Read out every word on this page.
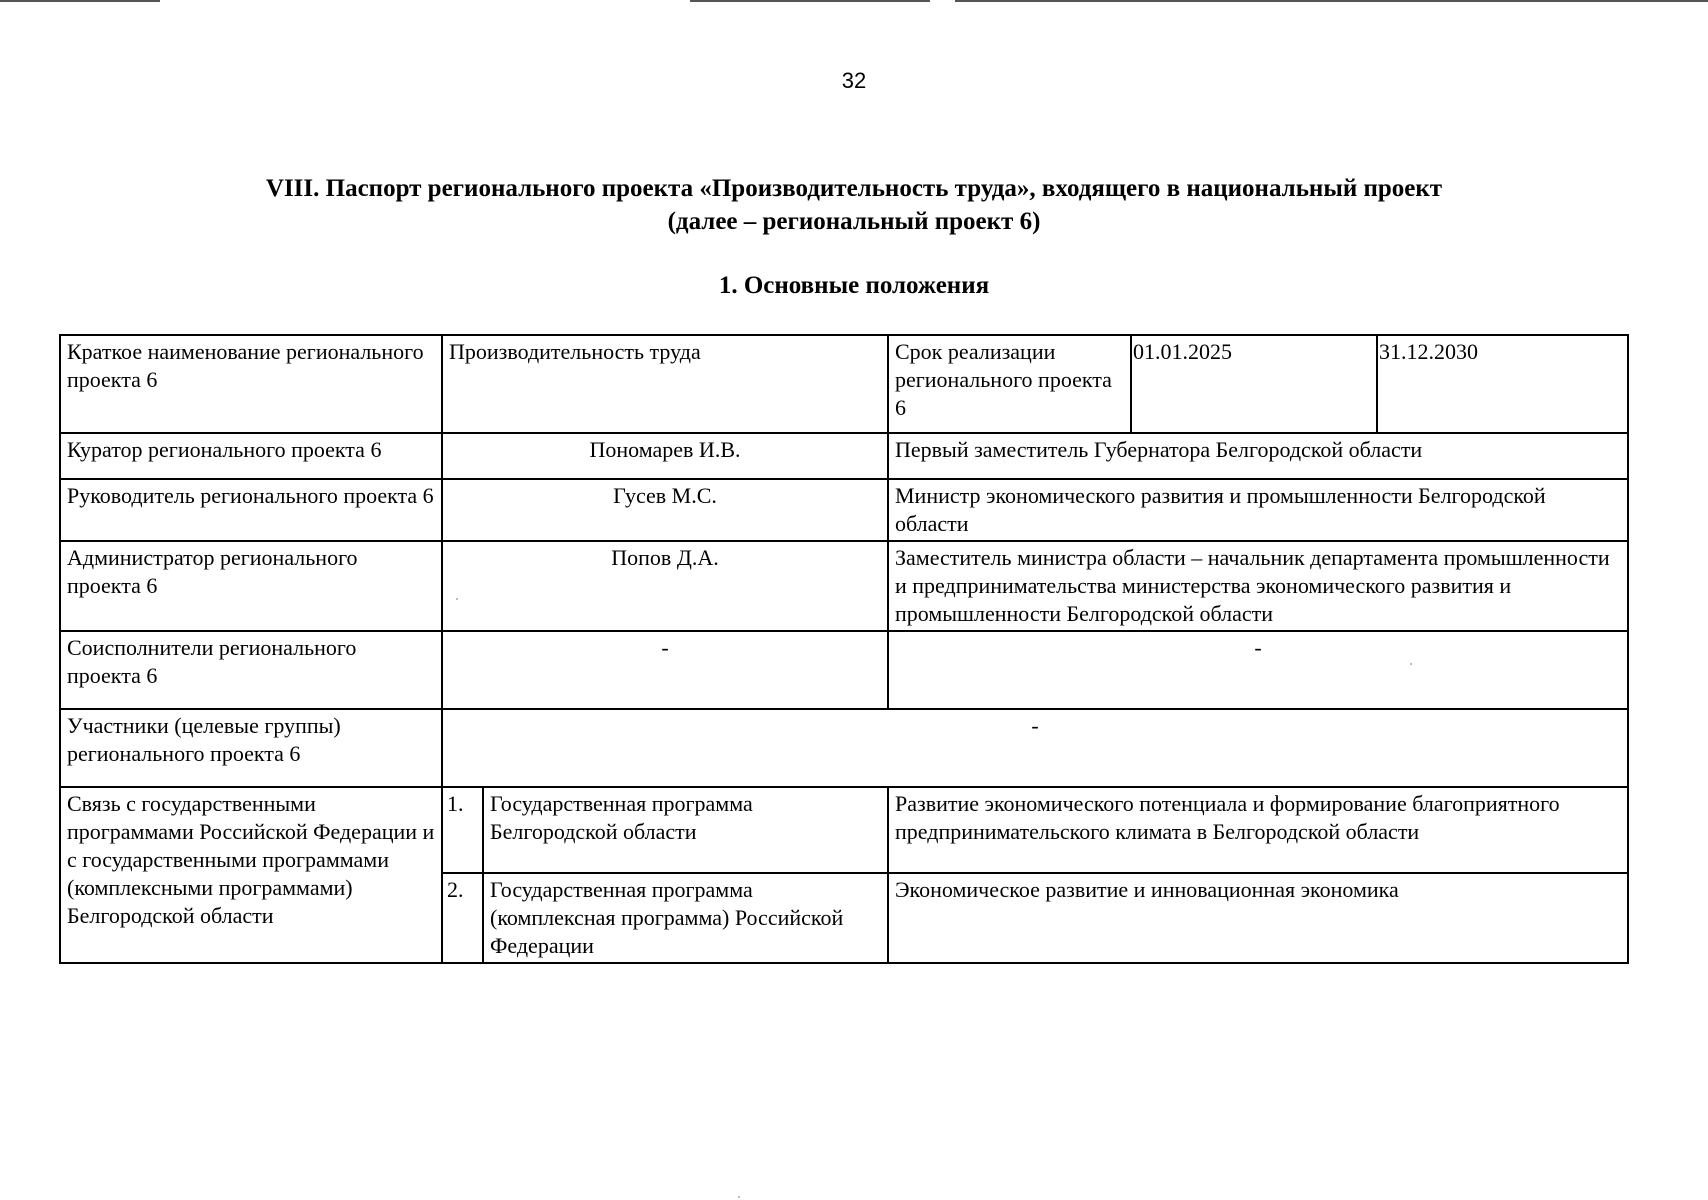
32
VIII. Паспорт регионального проекта «Производительность труда», входящего в национальный проект
(далее – региональный проект 6)
1. Основные положения
Краткое наименование регионального проекта 6	Производительность труда		Срок реализации регионального проекта 6	01.01.2025	31.12.2030
Куратор регионального проекта 6	Пономарев И.В.		Первый заместитель Губернатора Белгородской области		
Руководитель регионального проекта 6	Гусев М.С.		Министр экономического развития и промышленности Белгородской области		
Администратор регионального проекта 6	Попов Д.А.		Заместитель министра области – начальник департамента промышленности и предпринимательства министерства экономического развития и промышленности Белгородской области		
Соисполнители регионального проекта 6	-		-		
Участники (целевые группы) регионального проекта 6	-				
Связь с государственными программами Российской Федерации и с государственными программами (комплексными программами) Белгородской области	1.	Государственная программа Белгородской области	Развитие экономического потенциала и формирование благоприятного предпринимательского климата в Белгородской области		
	2.	Государственная программа (комплексная программа) Российской Федерации	Экономическое развитие и инновационная экономика		
